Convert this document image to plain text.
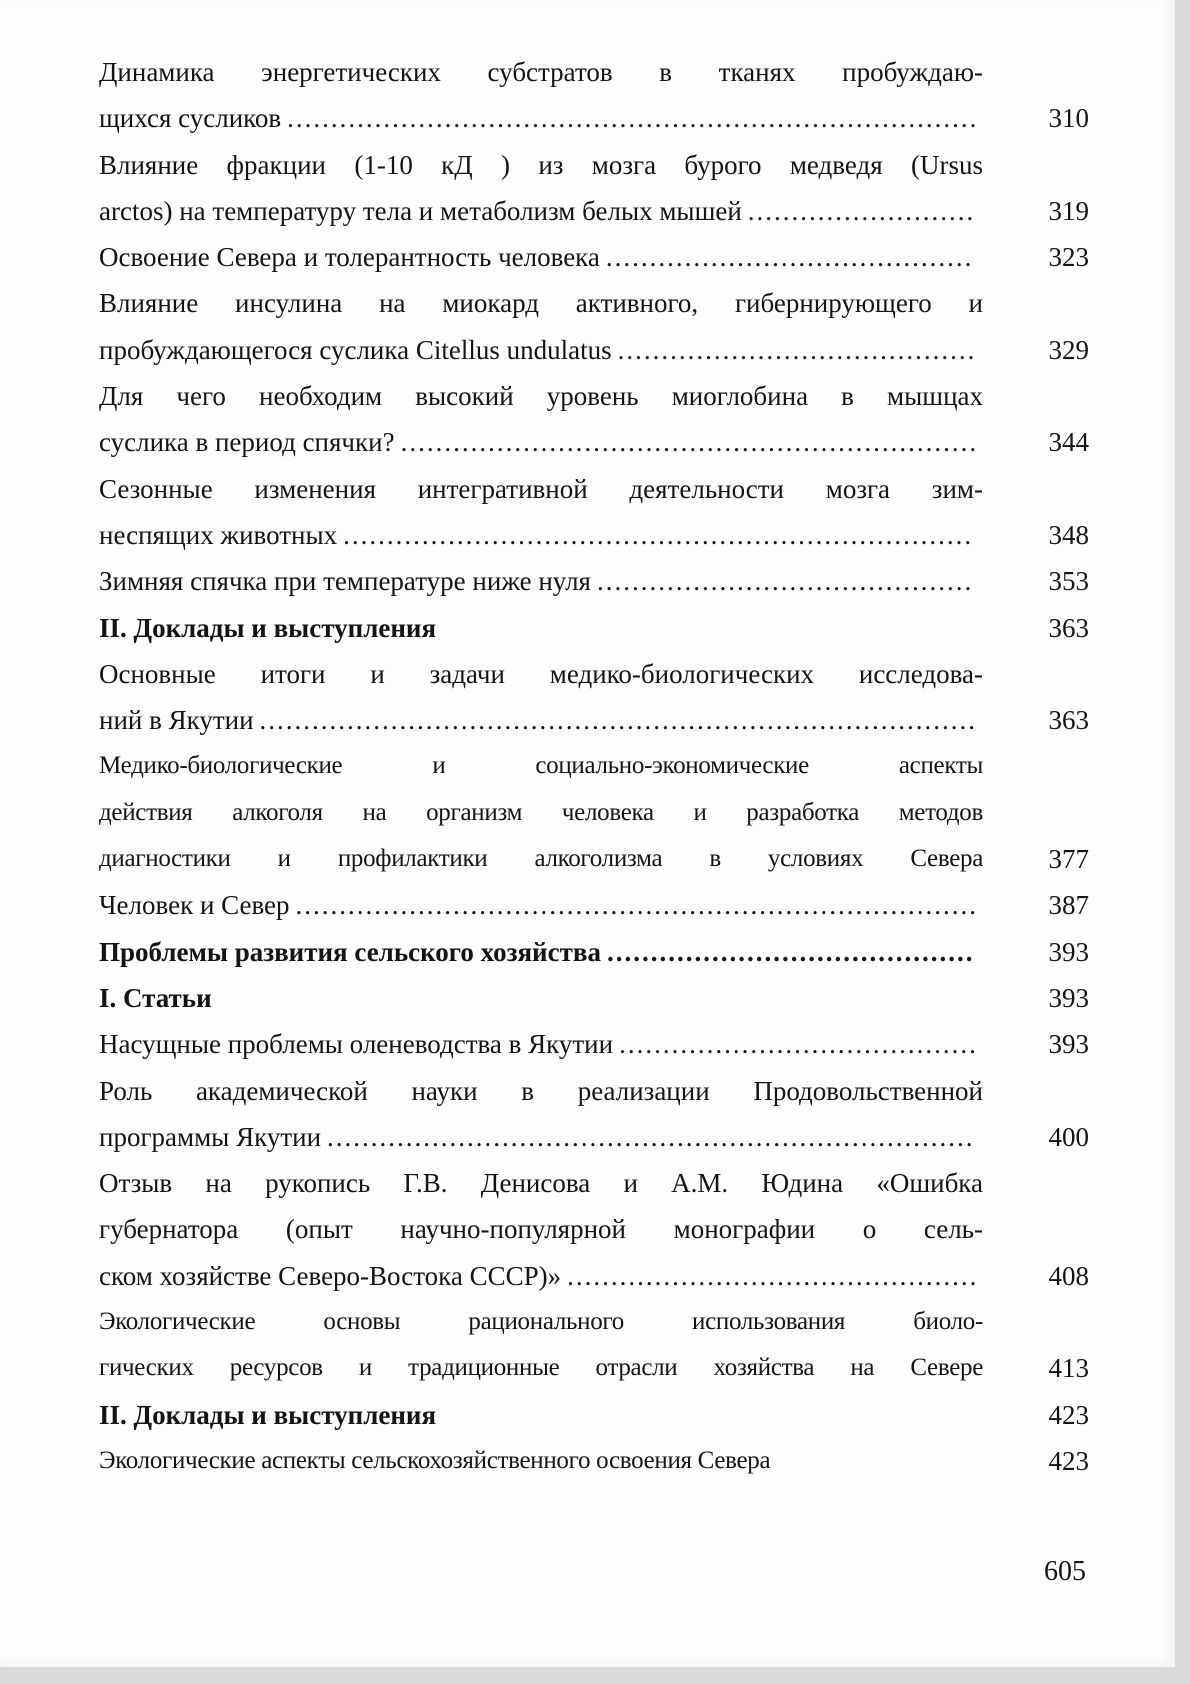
Динамика энергетических субстратов в тканях пробуждаю-
щихся сусликов .....	310
Влияние фракции (1-10 кД ) из мозга бурого медведя (Ursus
arctos) на температуру тела и метаболизм белых мышей .....	319
Освоение Севера и толерантность человека .....	323
Влияние инсулина на миокард активного, гибернирующего и
пробуждающегося суслика Citellus undulatus .....	329
Для чего необходим высокий уровень миоглобина в мышцах
суслика в период спячки? .....	344
Сезонные изменения интегративной деятельности мозга зим-
неспящих животных .....	348
Зимняя спячка при температуре ниже нуля .....	353
II. Доклады и выступления	363
Основные итоги и задачи медико-биологических исследова-
ний в Якутии .....	363
Медико-биологические и социально-экономические аспекты
действия алкоголя на организм человека и разработка методов
диагностики и профилактики алкоголизма в условиях Севера	377
Человек и Север .....	387
Проблемы развития сельского хозяйства .....	393
I. Статьи	393
Насущные проблемы оленеводства в Якутии .....	393
Роль академической науки в реализации Продовольственной
программы Якутии .....	400
Отзыв на рукопись Г.В. Денисова и А.М. Юдина «Ошибка
губернатора (опыт научно-популярной монографии о сель-
ском хозяйстве Северо-Востока СССР)» .....	408
Экологические основы рационального использования биоло-
гических ресурсов и традиционные отрасли хозяйства на Севере	413
II. Доклады и выступления	423
Экологические аспекты сельскохозяйственного освоения Севера	423
605
